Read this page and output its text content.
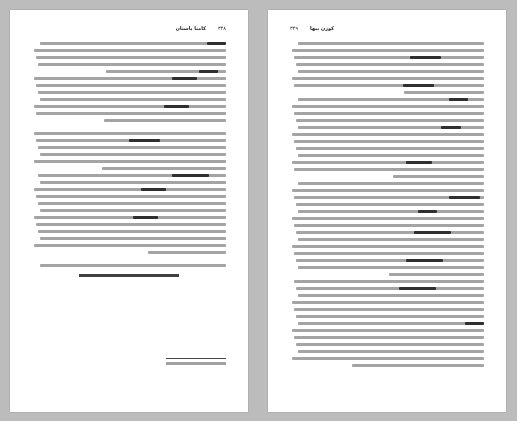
۳۴۸
کامنا یاستان	۳۴۹ کوزن پیها
